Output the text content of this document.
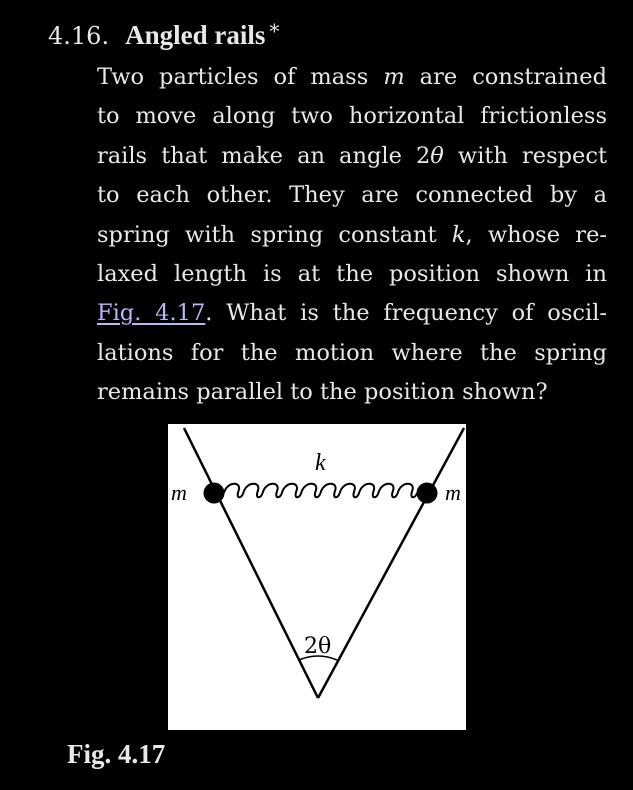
4.16. Angled rails *
Two particles of mass m are constrained
to move along two horizontal frictionless
rails that make an angle 2θ with respect
to each other. They are connected by a
spring with spring constant k, whose re-
laxed length is at the position shown in
Fig. 4.17. What is the frequency of oscil-
lations for the motion where the spring
remains parallel to the position shown?
k
m	m
2θ
Fig. 4.17
